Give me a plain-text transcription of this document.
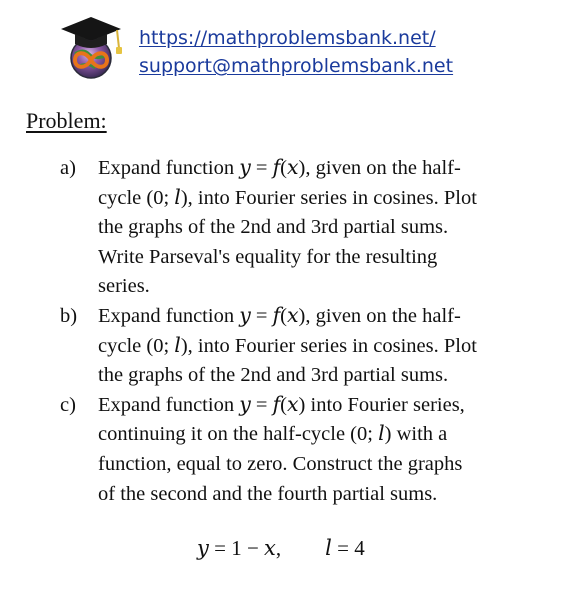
https://mathproblemsbank.net/
support@mathproblemsbank.net
Problem:
a)	Expand function 𝑦 = 𝑓(𝑥), given on the half-
cycle (0; 𝑙), into Fourier series in cosines. Plot
the graphs of the 2nd and 3rd partial sums.
Write Parseval's equality for the resulting
series.
b)	Expand function 𝑦 = 𝑓(𝑥), given on the half-
cycle (0; 𝑙), into Fourier series in cosines. Plot
the graphs of the 2nd and 3rd partial sums.
c)	Expand function 𝑦 = 𝑓(𝑥) into Fourier series,
continuing it on the half-cycle (0; 𝑙) with a
function, equal to zero. Construct the graphs
of the second and the fourth partial sums.
𝑦 = 1 − 𝑥, 𝑙 = 4
